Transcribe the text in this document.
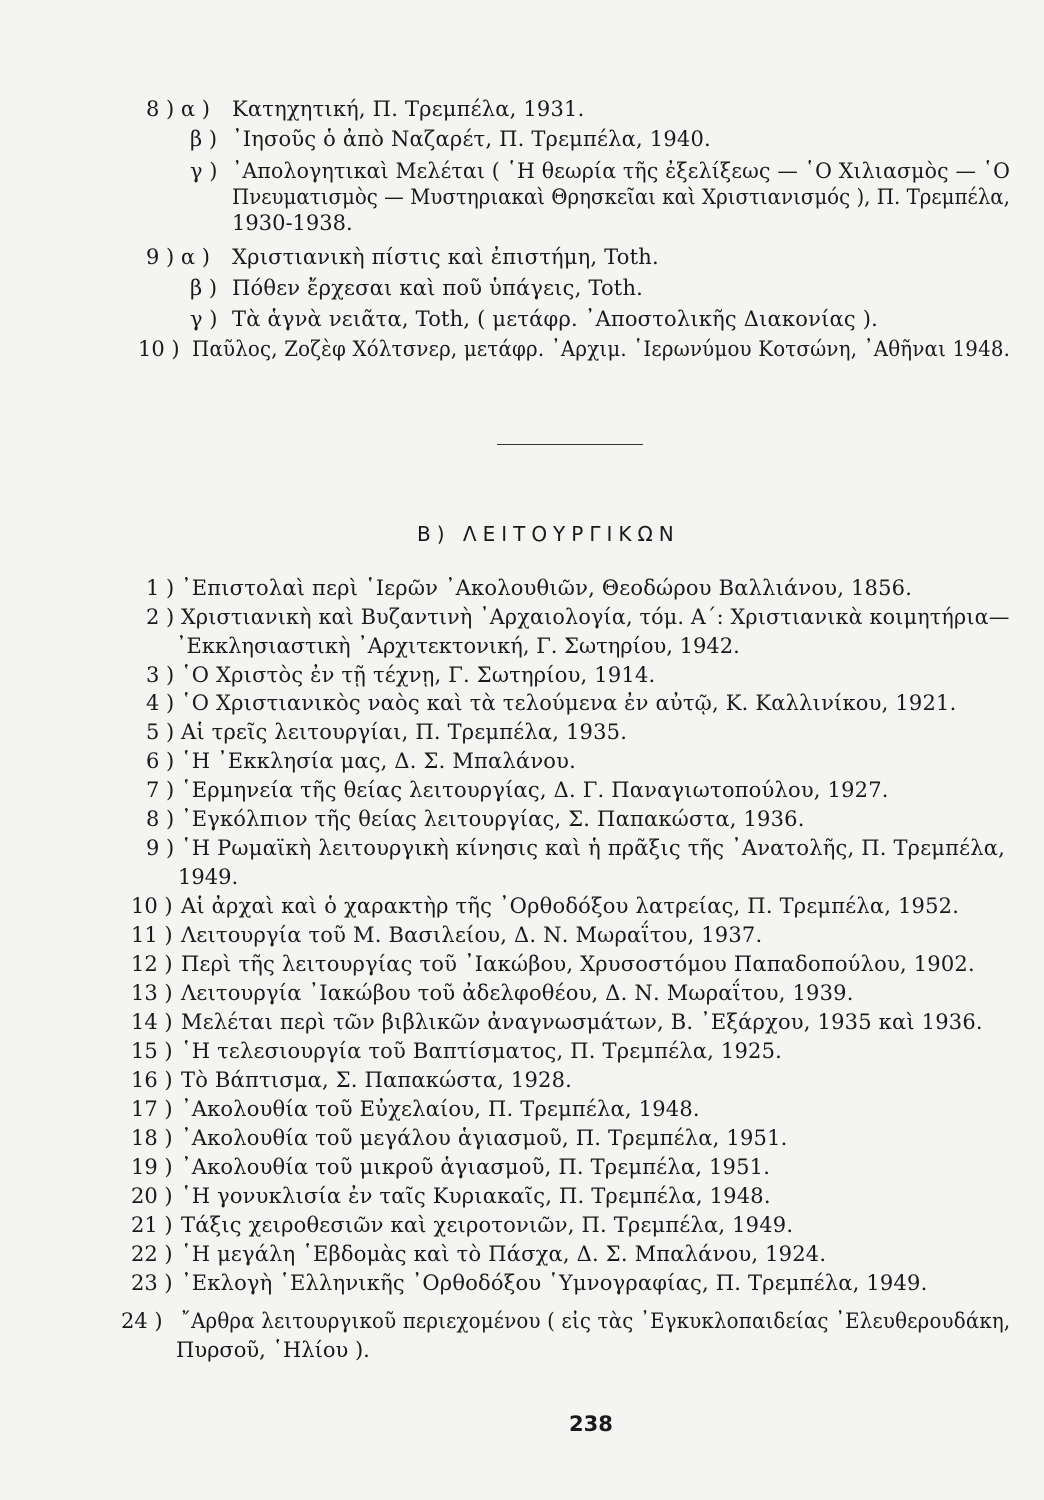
8 ) α ) Κατηχητική, Π. Τρεμπέλα, 1931.
β ) ᾿Ιησοῦς ὁ ἀπὸ Ναζαρέτ, Π. Τρεμπέλα, 1940.
γ ) ᾿Απολογητικαὶ Μελέται ( ῾Η θεωρία τῆς ἐξελίξεως — ῾Ο Χιλιασμὸς — ῾Ο
Πνευματισμὸς — Μυστηριακαὶ Θρησκεῖαι καὶ Χριστιανισμός ), Π. Τρεμπέλα,
1930-1938.
9 ) α ) Χριστιανικὴ πίστις καὶ ἐπιστήμη, Toth.
β ) Πόθεν ἔρχεσαι καὶ ποῦ ὑπάγεις, Toth.
γ ) Τὰ ἁγνὰ νειᾶτα, Toth, ( μετάφρ. ᾿Αποστολικῆς Διακονίας ).
10 ) Παῦλος, Ζοζὲφ Χόλτσνερ, μετάφρ. ᾿Αρχιμ. ῾Ιερωνύμου Κοτσώνη, ᾿Αθῆναι 1948.
Β) ΛΕΙΤΟΥΡΓΙΚΩΝ
1 ) ᾿Επιστολαὶ περὶ ῾Ιερῶν ᾿Ακολουθιῶν, Θεοδώρου Βαλλιάνου, 1856.
2 ) Χριστιανικὴ καὶ Βυζαντινὴ ᾿Αρχαιολογία, τόμ. Α΄: Χριστιανικὰ κοιμητήρια—
᾿Εκκλησιαστικὴ ᾿Αρχιτεκτονική, Γ. Σωτηρίου, 1942.
3 ) ῾Ο Χριστὸς ἐν τῇ τέχνῃ, Γ. Σωτηρίου, 1914.
4 ) ῾Ο Χριστιανικὸς ναὸς καὶ τὰ τελούμενα ἐν αὐτῷ, Κ. Καλλινίκου, 1921.
5 ) Αἱ τρεῖς λειτουργίαι, Π. Τρεμπέλα, 1935.
6 ) ῾Η ᾿Εκκλησία μας, Δ. Σ. Μπαλάνου.
7 ) ῾Ερμηνεία τῆς θείας λειτουργίας, Δ. Γ. Παναγιωτοπούλου, 1927.
8 ) ᾿Εγκόλπιον τῆς θείας λειτουργίας, Σ. Παπακώστα, 1936.
9 ) ῾Η Ρωμαϊκὴ λειτουργικὴ κίνησις καὶ ἡ πρᾶξις τῆς ᾿Ανατολῆς, Π. Τρεμπέλα,
1949.
10 ) Αἱ ἀρχαὶ καὶ ὁ χαρακτὴρ τῆς ᾿Ορθοδόξου λατρείας, Π. Τρεμπέλα, 1952.
11 ) Λειτουργία τοῦ Μ. Βασιλείου, Δ. Ν. Μωραΐτου, 1937.
12 ) Περὶ τῆς λειτουργίας τοῦ ᾿Ιακώβου, Χρυσοστόμου Παπαδοπούλου, 1902.
13 ) Λειτουργία ᾿Ιακώβου τοῦ ἀδελφοθέου, Δ. Ν. Μωραΐτου, 1939.
14 ) Μελέται περὶ τῶν βιβλικῶν ἀναγνωσμάτων, Β. ᾿Εξάρχου, 1935 καὶ 1936.
15 ) ῾Η τελεσιουργία τοῦ Βαπτίσματος, Π. Τρεμπέλα, 1925.
16 ) Τὸ Βάπτισμα, Σ. Παπακώστα, 1928.
17 ) ᾿Ακολουθία τοῦ Εὐχελαίου, Π. Τρεμπέλα, 1948.
18 ) ᾿Ακολουθία τοῦ μεγάλου ἁγιασμοῦ, Π. Τρεμπέλα, 1951.
19 ) ᾿Ακολουθία τοῦ μικροῦ ἁγιασμοῦ, Π. Τρεμπέλα, 1951.
20 ) ῾Η γονυκλισία ἐν ταῖς Κυριακαῖς, Π. Τρεμπέλα, 1948.
21 ) Τάξις χειροθεσιῶν καὶ χειροτονιῶν, Π. Τρεμπέλα, 1949.
22 ) ῾Η μεγάλη ῾Εβδομὰς καὶ τὸ Πάσχα, Δ. Σ. Μπαλάνου, 1924.
23 ) ᾿Εκλογὴ ῾Ελληνικῆς ᾿Ορθοδόξου ῾Υμνογραφίας, Π. Τρεμπέλα, 1949.
24 ) ῎Αρθρα λειτουργικοῦ περιεχομένου ( εἰς τὰς ᾿Εγκυκλοπαιδείας ᾿Ελευθερουδάκη,
Πυρσοῦ, ῾Ηλίου ).
238
